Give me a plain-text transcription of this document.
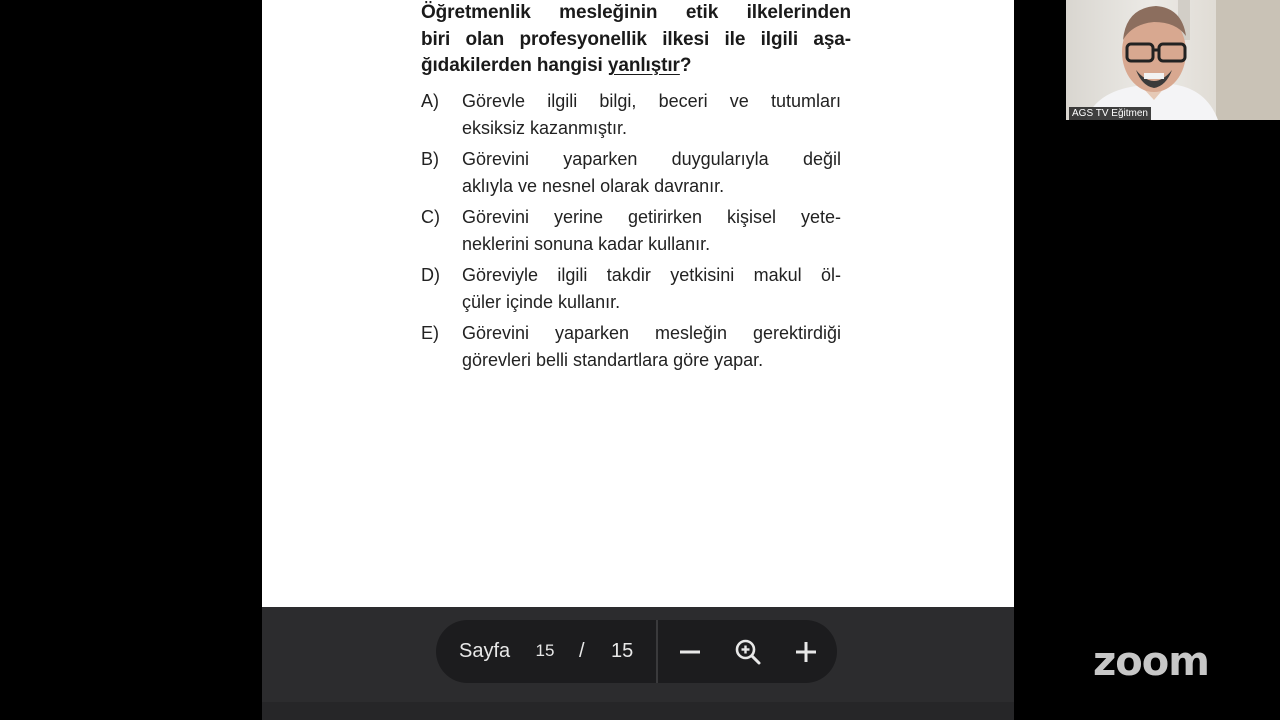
Öğretmenlik mesleğinin etik ilkelerinden
biri olan profesyonellik ilkesi ile ilgili aşa-
ğıdakilerden hangisi yanlıştır?
A) Görevle ilgili bilgi, beceri ve tutumları
eksiksiz kazanmıştır.
B) Görevini yaparken duygularıyla değil
aklıyla ve nesnel olarak davranır.
C) Görevini yerine getirirken kişisel yete-
neklerini sonuna kadar kullanır.
D) Göreviyle ilgili takdir yetkisini makul öl-
çüler içinde kullanır.
E) Görevini yaparken mesleğin gerektirdiği
görevleri belli standartlara göre yapar.
Sayfa
15	/ 15
AGS TV Eğitmen
zoom
